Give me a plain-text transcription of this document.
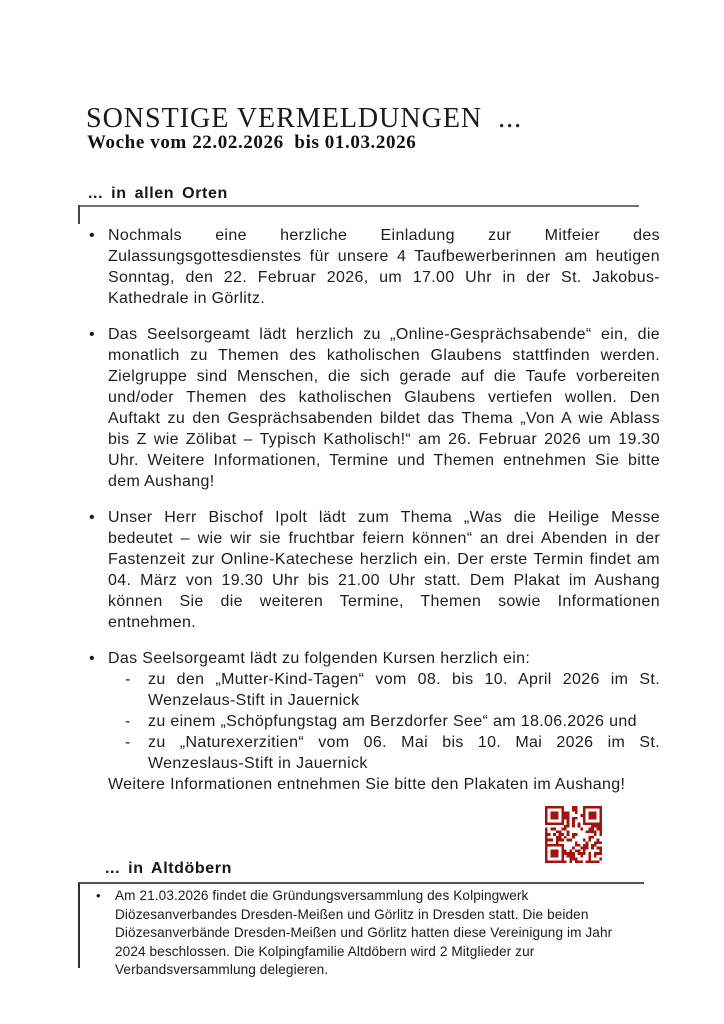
SONSTIGE VERMELDUNGEN  ...
Woche vom 22.02.2026  bis 01.03.2026
... in allen Orten
• Nochmals eine herzliche Einladung zur Mitfeier des Zulassungsgottesdienstes für unsere 4 Taufbewerberinnen am heutigen Sonntag, den 22. Februar 2026, um 17.00 Uhr in der St. Jakobus-Kathedrale in Görlitz.
• Das Seelsorgeamt lädt herzlich zu „Online-Gesprächsabende“ ein, die monatlich zu Themen des katholischen Glaubens stattfinden werden. Zielgruppe sind Menschen, die sich gerade auf die Taufe vorbereiten und/oder Themen des katholischen Glaubens vertiefen wollen. Den Auftakt zu den Gesprächsabenden bildet das Thema „Von A wie Ablass bis Z wie Zölibat – Typisch Katholisch!“ am 26. Februar 2026 um 19.30 Uhr. Weitere Informationen, Termine und Themen entnehmen Sie bitte dem Aushang!
• Unser Herr Bischof Ipolt lädt zum Thema „Was die Heilige Messe bedeutet – wie wir sie fruchtbar feiern können“ an drei Abenden in der Fastenzeit zur Online-Katechese herzlich ein. Der erste Termin findet am 04. März von 19.30 Uhr bis 21.00 Uhr statt. Dem Plakat im Aushang können Sie die weiteren Termine, Themen sowie Informationen entnehmen.
• Das Seelsorgeamt lädt zu folgenden Kursen herzlich ein:
- zu den „Mutter-Kind-Tagen“ vom 08. bis 10. April 2026 im St. Wenzelaus-Stift in Jauernick
- zu einem „Schöpfungstag am Berzdorfer See“ am 18.06.2026 und
- zu „Naturexerzitien“ vom 06. Mai bis 10. Mai 2026 im St. Wenzeslaus-Stift in Jauernick
Weitere Informationen entnehmen Sie bitte den Plakaten im Aushang!
... in Altdöbern
• Am 21.03.2026 findet die Gründungsversammlung des Kolpingwerk Diözesanverbandes Dresden-Meißen und Görlitz in Dresden statt. Die beiden Diözesanverbände Dresden-Meißen und Görlitz hatten diese Vereinigung im Jahr 2024 beschlossen. Die Kolpingfamilie Altdöbern wird 2 Mitglieder zur Verbandsversammlung delegieren.
